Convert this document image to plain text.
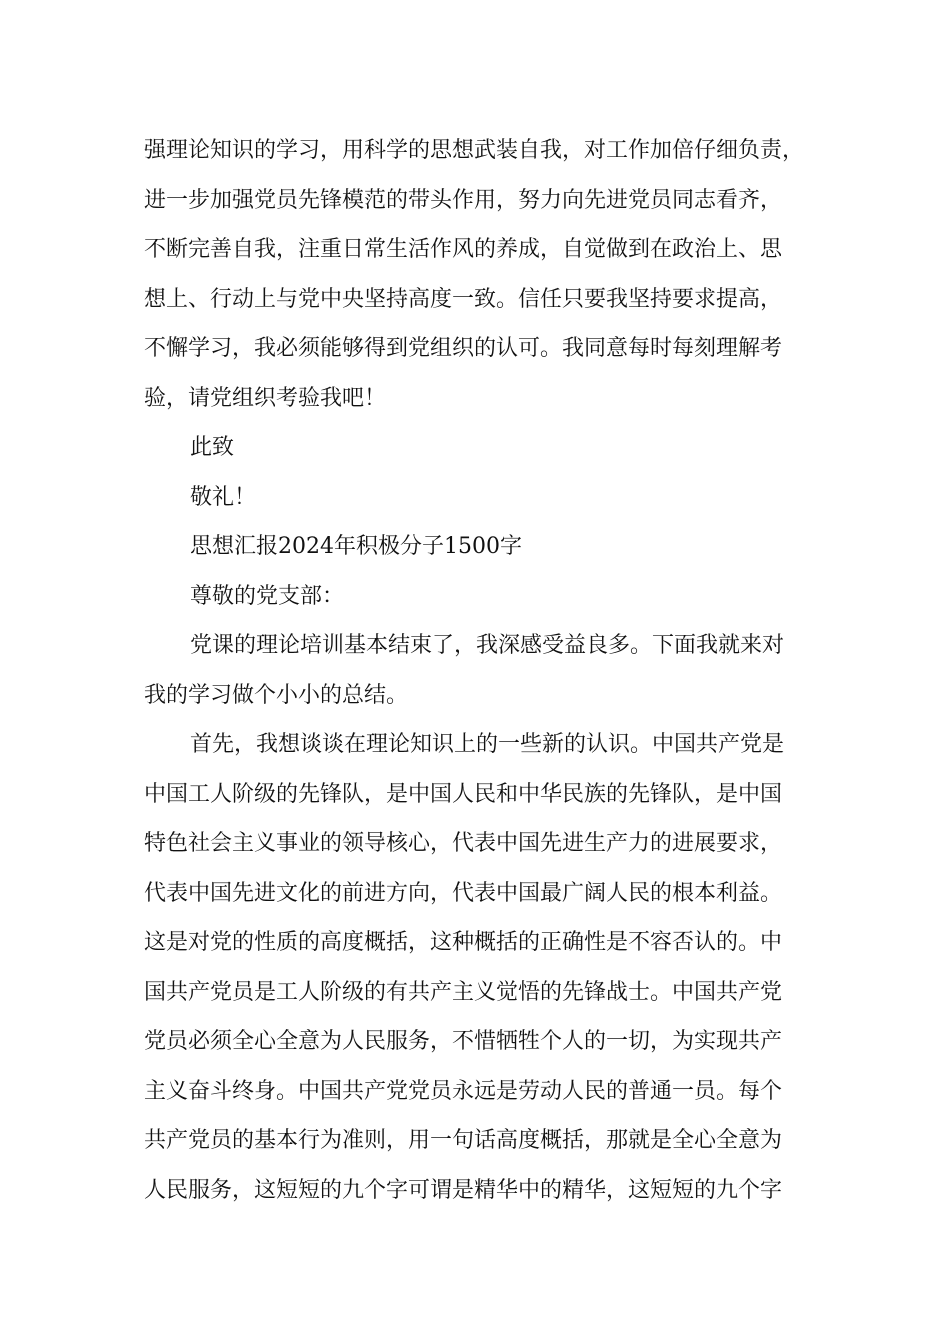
强理论知识的学习，用科学的思想武装自我，对工作加倍仔细负责，
进一步加强党员先锋模范的带头作用，努力向先进党员同志看齐，
不断完善自我，注重日常生活作风的养成，自觉做到在政治上、思
想上、行动上与党中央坚持高度一致。信任只要我坚持要求提高，
不懈学习，我必须能够得到党组织的认可。我同意每时每刻理解考
验，请党组织考验我吧！
此致
敬礼！
思想汇报2024年积极分子1500字
尊敬的党支部：
党课的理论培训基本结束了，我深感受益良多。下面我就来对
我的学习做个小小的总结。
首先，我想谈谈在理论知识上的一些新的认识。中国共产党是
中国工人阶级的先锋队，是中国人民和中华民族的先锋队，是中国
特色社会主义事业的领导核心，代表中国先进生产力的进展要求，
代表中国先进文化的前进方向，代表中国最广阔人民的根本利益。
这是对党的性质的高度概括，这种概括的正确性是不容否认的。中
国共产党员是工人阶级的有共产主义觉悟的先锋战士。中国共产党
党员必须全心全意为人民服务，不惜牺牲个人的一切，为实现共产
主义奋斗终身。中国共产党党员永远是劳动人民的普通一员。每个
共产党员的基本行为准则，用一句话高度概括，那就是全心全意为
人民服务，这短短的九个字可谓是精华中的精华，这短短的九个字
